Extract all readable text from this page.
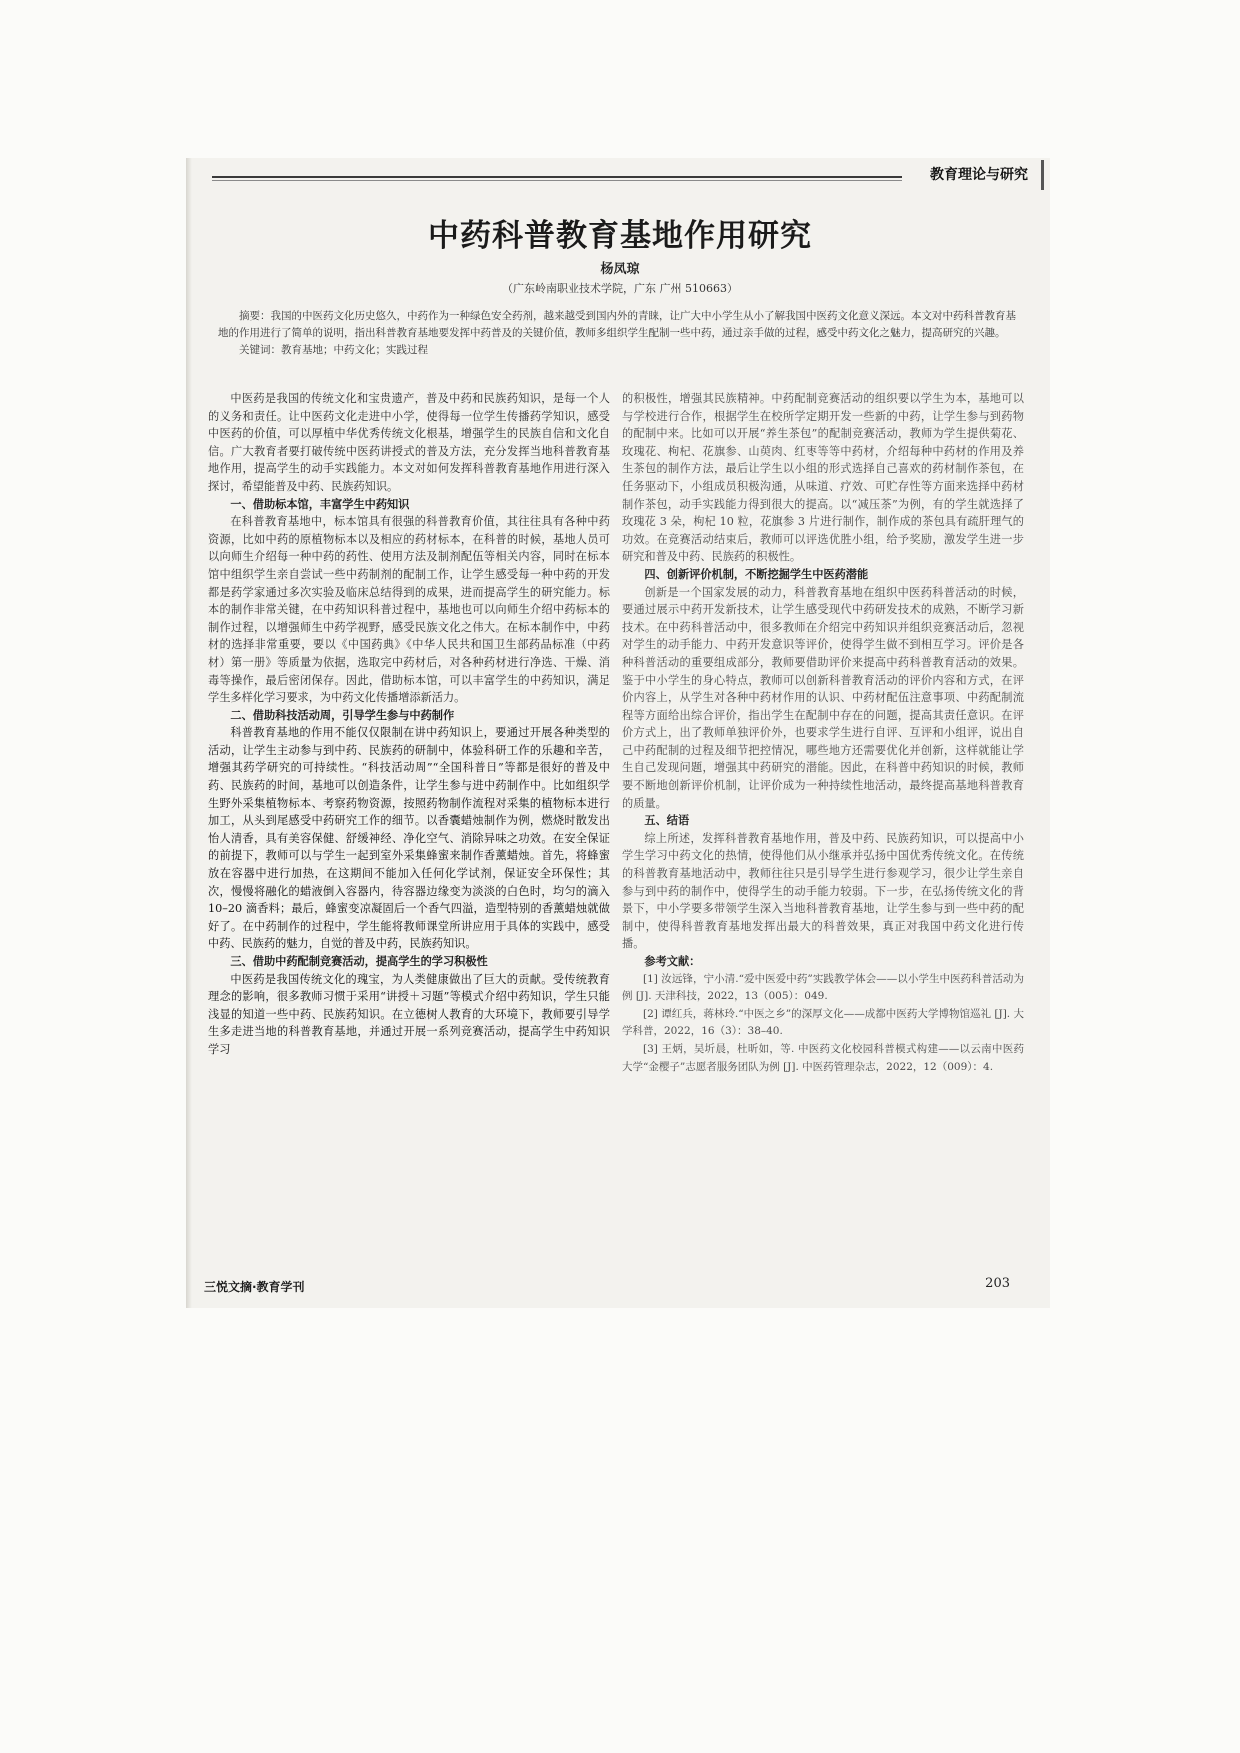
教育理论与研究
中药科普教育基地作用研究
杨凤琼
（广东岭南职业技术学院，广东 广州 510663）

摘要：我国的中医药文化历史悠久，中药作为一种绿色安全药剂，越来越受到国内外的青睐，让广大中小学生从小了解我国中医药文化意义深远。本文对中药科普教育基地的作用进行了简单的说明，指出科普教育基地要发挥中药普及的关键价值，教师多组织学生配制一些中药，通过亲手做的过程，感受中药文化之魅力，提高研究的兴趣。

关键词：教育基地；中药文化；实践过程

中医药是我国的传统文化和宝贵遗产，普及中药和民族药知识，是每一个人的义务和责任。让中医药文化走进中小学，使得每一位学生传播药学知识，感受中医药的价值，可以厚植中华优秀传统文化根基，增强学生的民族自信和文化自信。广大教育者要打破传统中医药讲授式的普及方法，充分发挥当地科普教育基地作用，提高学生的动手实践能力。本文对如何发挥科普教育基地作用进行深入探讨，希望能普及中药、民族药知识。

一、借助标本馆，丰富学生中药知识

在科普教育基地中，标本馆具有很强的科普教育价值，其往往具有各种中药资源，比如中药的原植物标本以及相应的药材标本，在科普的时候，基地人员可以向师生介绍每一种中药的药性、使用方法及制剂配伍等相关内容，同时在标本馆中组织学生亲自尝试一些中药制剂的配制工作，让学生感受每一种中药的开发都是药学家通过多次实验及临床总结得到的成果，进而提高学生的研究能力。标本的制作非常关键，在中药知识科普过程中，基地也可以向师生介绍中药标本的制作过程，以增强师生中药学视野，感受民族文化之伟大。在标本制作中，中药材的选择非常重要，要以《中国药典》《中华人民共和国卫生部药品标准（中药材）第一册》等质量为依据，选取完中药材后，对各种药材进行净选、干燥、消毒等操作，最后密闭保存。因此，借助标本馆，可以丰富学生的中药知识，满足学生多样化学习要求，为中药文化传播增添新活力。

二、借助科技活动周，引导学生参与中药制作

科普教育基地的作用不能仅仅限制在讲中药知识上，要通过开展各种类型的活动，让学生主动参与到中药、民族药的研制中，体验科研工作的乐趣和辛苦，增强其药学研究的可持续性。“科技活动周”“全国科普日”等都是很好的普及中药、民族药的时间，基地可以创造条件，让学生参与进中药制作中。比如组织学生野外采集植物标本、考察药物资源，按照药物制作流程对采集的植物标本进行加工，从头到尾感受中药研究工作的细节。以香囊蜡烛制作为例，燃烧时散发出怡人清香，具有美容保健、舒缓神经、净化空气、消除异味之功效。在安全保证的前提下，教师可以与学生一起到室外采集蜂蜜来制作香薰蜡烛。首先，将蜂蜜放在容器中进行加热，在这期间不能加入任何化学试剂，保证安全环保性；其次，慢慢将融化的蜡液倒入容器内，待容器边缘变为淡淡的白色时，均匀的滴入 10–20 滴香料；最后，蜂蜜变凉凝固后一个香气四溢，造型特别的香薰蜡烛就做好了。在中药制作的过程中，学生能将教师课堂所讲应用于具体的实践中，感受中药、民族药的魅力，自觉的普及中药，民族药知识。

三、借助中药配制竞赛活动，提高学生的学习积极性

中医药是我国传统文化的瑰宝，为人类健康做出了巨大的贡献。受传统教育理念的影响，很多教师习惯于采用“讲授＋习题”等模式介绍中药知识，学生只能浅显的知道一些中药、民族药知识。在立德树人教育的大环境下，教师要引导学生多走进当地的科普教育基地，并通过开展一系列竞赛活动，提高学生中药知识学习

的积极性，增强其民族精神。中药配制竞赛活动的组织要以学生为本，基地可以与学校进行合作，根据学生在校所学定期开发一些新的中药，让学生参与到药物的配制中来。比如可以开展“养生茶包”的配制竞赛活动，教师为学生提供菊花、玫瑰花、枸杞、花旗参、山萸肉、红枣等等中药材，介绍每种中药材的作用及养生茶包的制作方法，最后让学生以小组的形式选择自己喜欢的药材制作茶包，在任务驱动下，小组成员积极沟通，从味道、疗效、可贮存性等方面来选择中药材制作茶包，动手实践能力得到很大的提高。以“减压茶”为例，有的学生就选择了玫瑰花 3 朵，枸杞 10 粒，花旗参 3 片进行制作，制作成的茶包具有疏肝理气的功效。在竞赛活动结束后，教师可以评选优胜小组，给予奖励，激发学生进一步研究和普及中药、民族药的积极性。

四、创新评价机制，不断挖掘学生中医药潜能

创新是一个国家发展的动力，科普教育基地在组织中医药科普活动的时候，要通过展示中药开发新技术，让学生感受现代中药研发技术的成熟，不断学习新技术。在中药科普活动中，很多教师在介绍完中药知识并组织竞赛活动后，忽视对学生的动手能力、中药开发意识等评价，使得学生做不到相互学习。评价是各种科普活动的重要组成部分，教师要借助评价来提高中药科普教育活动的效果。鉴于中小学生的身心特点，教师可以创新科普教育活动的评价内容和方式，在评价内容上，从学生对各种中药材作用的认识、中药材配伍注意事项、中药配制流程等方面给出综合评价，指出学生在配制中存在的问题，提高其责任意识。在评价方式上，出了教师单独评价外，也要求学生进行自评、互评和小组评，说出自己中药配制的过程及细节把控情况，哪些地方还需要优化并创新，这样就能让学生自己发现问题，增强其中药研究的潜能。因此，在科普中药知识的时候，教师要不断地创新评价机制，让评价成为一种持续性地活动，最终提高基地科普教育的质量。

五、结语

综上所述，发挥科普教育基地作用，普及中药、民族药知识，可以提高中小学生学习中药文化的热情，使得他们从小继承并弘扬中国优秀传统文化。在传统的科普教育基地活动中，教师往往只是引导学生进行参观学习，很少让学生亲自参与到中药的制作中，使得学生的动手能力较弱。下一步，在弘扬传统文化的背景下，中小学要多带领学生深入当地科普教育基地，让学生参与到一些中药的配制中，使得科普教育基地发挥出最大的科普效果，真正对我国中药文化进行传播。

参考文献：

[1] 汝远锋，宁小清.“爱中医爱中药”实践教学体会——以小学生中医药科普活动为例 [J]. 天津科技，2022，13（005）：049.

[2] 谭红兵，蒋林玲.“中医之乡”的深厚文化——成都中医药大学博物馆巡礼 [J]. 大学科普，2022，16（3）：38–40.

[3] 王炳，吴圻晨，杜昕如，等. 中医药文化校园科普模式构建——以云南中医药大学“金樱子”志愿者服务团队为例 [J]. 中医药管理杂志，2022，12（009）：4.

三悦文摘·教育学刊	203
